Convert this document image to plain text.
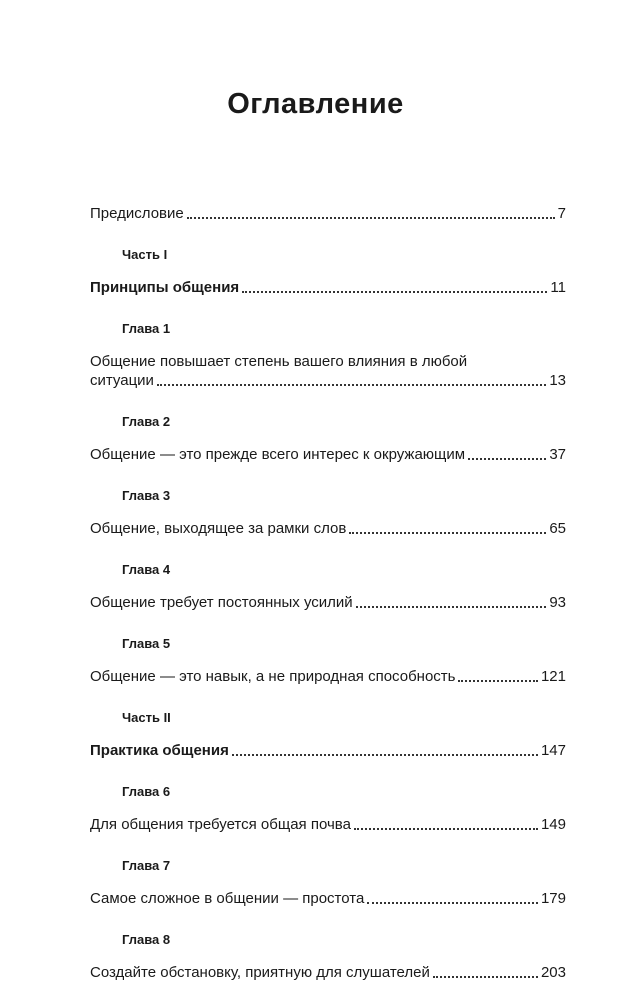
Оглавление
Предисловие	7
Часть I
Принципы общения	11
Глава 1
Общение повышает степень вашего влияния в любой
ситуации	13
Глава 2
Общение — это прежде всего интерес к окружающим	37
Глава 3
Общение, выходящее за рамки слов	65
Глава 4
Общение требует постоянных усилий	93
Глава 5
Общение — это навык, а не природная способность	121
Часть II
Практика общения	147
Глава 6
Для общения требуется общая почва	149
Глава 7
Самое сложное в общении — простота	179
Глава 8
Создайте обстановку, приятную для слушателей	203
